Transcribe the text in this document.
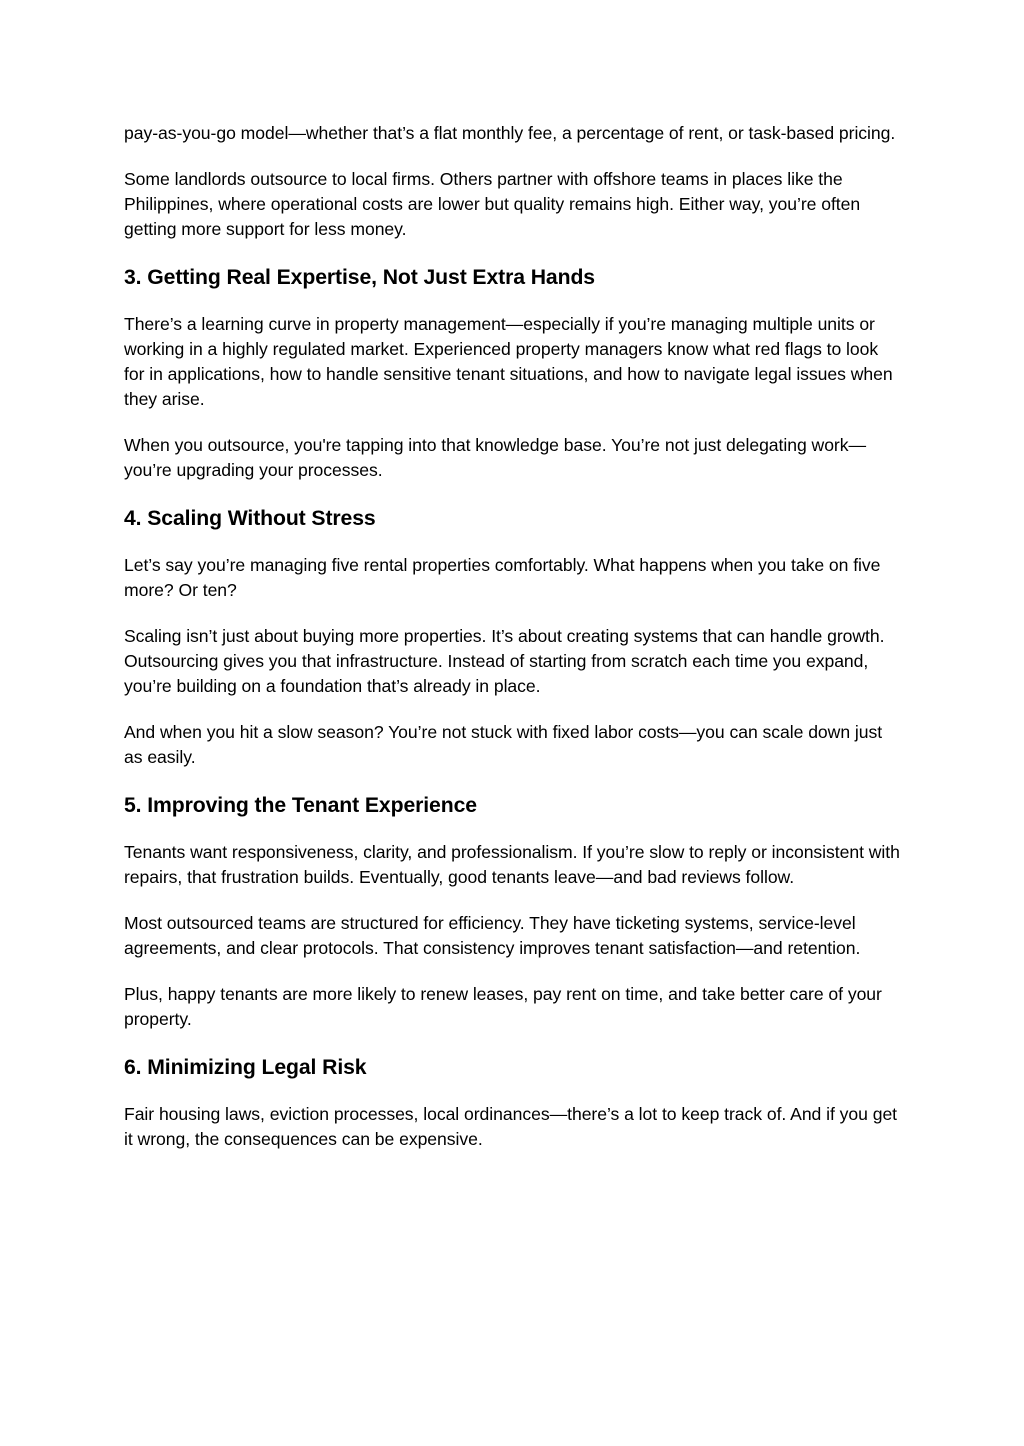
pay-as-you-go model—whether that’s a flat monthly fee, a percentage of rent, or task-based pricing.

Some landlords outsource to local firms. Others partner with offshore teams in places like the Philippines, where operational costs are lower but quality remains high. Either way, you’re often getting more support for less money.

3. Getting Real Expertise, Not Just Extra Hands

There’s a learning curve in property management—especially if you’re managing multiple units or working in a highly regulated market. Experienced property managers know what red flags to look for in applications, how to handle sensitive tenant situations, and how to navigate legal issues when they arise.

When you outsource, you're tapping into that knowledge base. You’re not just delegating work—you’re upgrading your processes.

4. Scaling Without Stress

Let’s say you’re managing five rental properties comfortably. What happens when you take on five more? Or ten?

Scaling isn’t just about buying more properties. It’s about creating systems that can handle growth. Outsourcing gives you that infrastructure. Instead of starting from scratch each time you expand, you’re building on a foundation that’s already in place.

And when you hit a slow season? You’re not stuck with fixed labor costs—you can scale down just as easily.

5. Improving the Tenant Experience

Tenants want responsiveness, clarity, and professionalism. If you’re slow to reply or inconsistent with repairs, that frustration builds. Eventually, good tenants leave—and bad reviews follow.

Most outsourced teams are structured for efficiency. They have ticketing systems, service-level agreements, and clear protocols. That consistency improves tenant satisfaction—and retention.

Plus, happy tenants are more likely to renew leases, pay rent on time, and take better care of your property.

6. Minimizing Legal Risk

Fair housing laws, eviction processes, local ordinances—there’s a lot to keep track of. And if you get it wrong, the consequences can be expensive.
